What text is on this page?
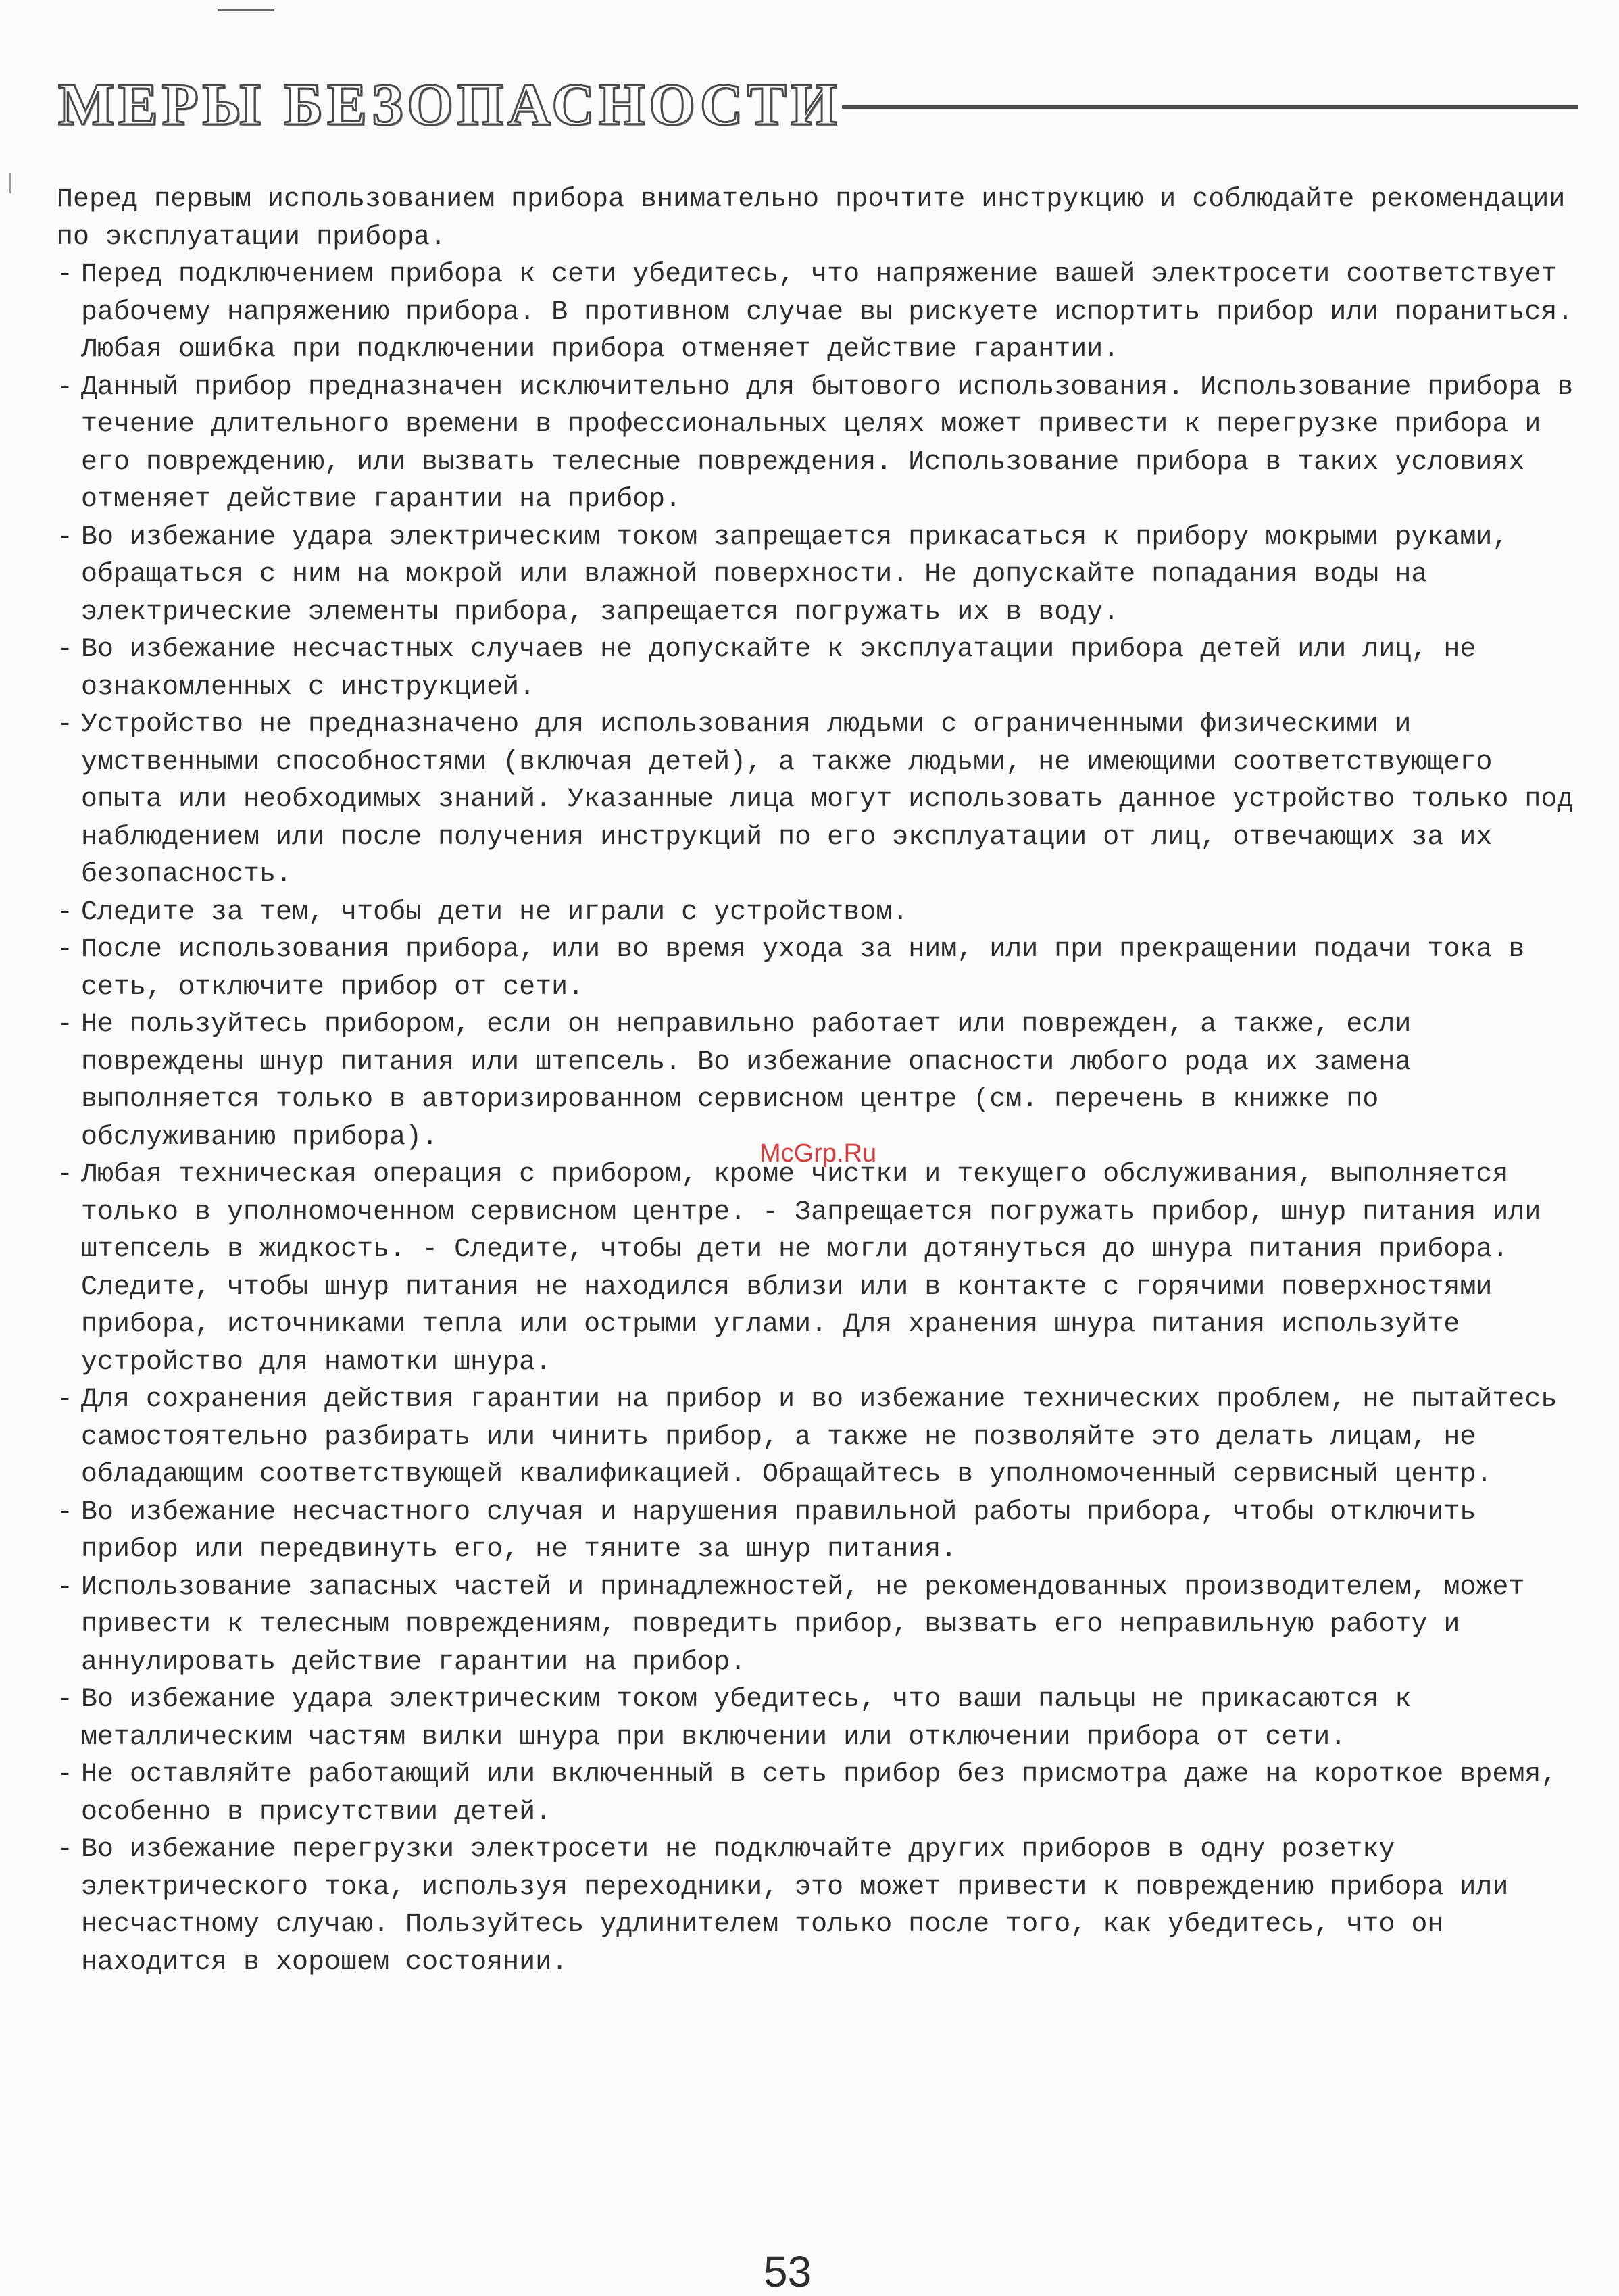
МЕРЫ БЕЗОПАСНОСТИ

Перед первым использованием прибора внимательно прочтите инструкцию и соблюдайте рекомендации по эксплуатации прибора.

- Перед подключением прибора к сети убедитесь, что напряжение вашей электросети соответствует рабочему напряжению прибора. В противном случае вы рискуете испортить прибор или пораниться. Любая ошибка при подключении прибора отменяет действие гарантии.
- Данный прибор предназначен исключительно для бытового использования. Использование прибора в течение длительного времени в профессиональных целях может привести к перегрузке прибора и его повреждению, или вызвать телесные повреждения. Использование прибора в таких условиях отменяет действие гарантии на прибор.
- Во избежание удара электрическим током запрещается прикасаться к прибору мокрыми руками, обращаться с ним на мокрой или влажной поверхности. Не допускайте попадания воды на электрические элементы прибора, запрещается погружать их в воду.
- Во избежание несчастных случаев не допускайте к эксплуатации прибора детей или лиц, не ознакомленных с инструкцией.
- Устройство не предназначено для использования людьми с ограниченными физическими и умственными способностями (включая детей), а также людьми, не имеющими соответствующего опыта или необходимых знаний. Указанные лица могут использовать данное устройство только под наблюдением или после получения инструкций по его эксплуатации от лиц, отвечающих за их безопасность.
- Следите за тем, чтобы дети не играли с устройством.
- После использования прибора, или во время ухода за ним, или при прекращении подачи тока в сеть, отключите прибор от сети.
- Не пользуйтесь прибором, если он неправильно работает или поврежден, а также, если повреждены шнур питания или штепсель. Во избежание опасности любого рода их замена выполняется только в авторизированном сервисном центре (см. перечень в книжке по обслуживанию прибора).
- Любая техническая операция с прибором, кроме чистки и текущего обслуживания, выполняется только в уполномоченном сервисном центре. - Запрещается погружать прибор, шнур питания или штепсель в жидкость. - Следите, чтобы дети не могли дотянуться до шнура питания прибора. Следите, чтобы шнур питания не находился вблизи или в контакте с горячими поверхностями прибора, источниками тепла или острыми углами. Для хранения шнура питания используйте устройство для намотки шнура.
- Для сохранения действия гарантии на прибор и во избежание технических проблем, не пытайтесь самостоятельно разбирать или чинить прибор, а также не позволяйте это делать лицам, не обладающим соответствующей квалификацией. Обращайтесь в уполномоченный сервисный центр.
- Во избежание несчастного случая и нарушения правильной работы прибора, чтобы отключить прибор или передвинуть его, не тяните за шнур питания.
- Использование запасных частей и принадлежностей, не рекомендованных производителем, может привести к телесным повреждениям, повредить прибор, вызвать его неправильную работу и аннулировать действие гарантии на прибор.
- Во избежание удара электрическим током убедитесь, что ваши пальцы не прикасаются к металлическим частям вилки шнура при включении или отключении прибора от сети.
- Не оставляйте работающий или включенный в сеть прибор без присмотра даже на короткое время, особенно в присутствии детей.
- Во избежание перегрузки электросети не подключайте других приборов в одну розетку электрического тока, используя переходники, это может привести к повреждению прибора или несчастному случаю. Пользуйтесь удлинителем только после того, как убедитесь, что он находится в хорошем состоянии.
McGrp.Ru
53
